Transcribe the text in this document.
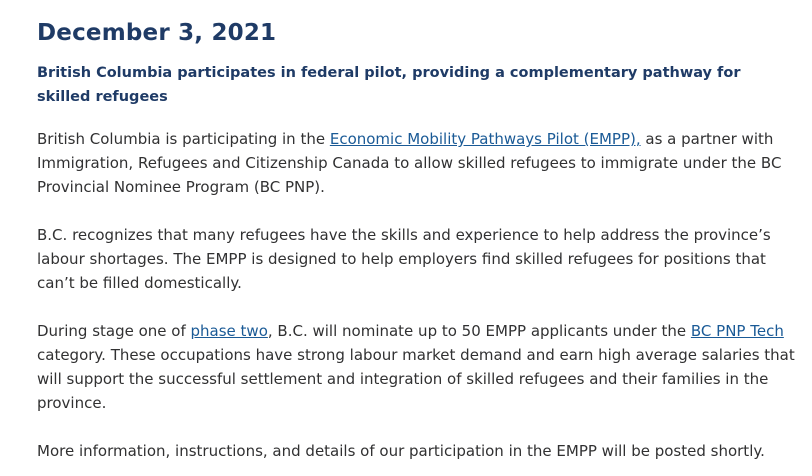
December 3, 2021

British Columbia participates in federal pilot, providing a complementary pathway for skilled refugees

British Columbia is participating in the Economic Mobility Pathways Pilot (EMPP), as a partner with Immigration, Refugees and Citizenship Canada to allow skilled refugees to immigrate under the BC Provincial Nominee Program (BC PNP).

B.C. recognizes that many refugees have the skills and experience to help address the province’s labour shortages. The EMPP is designed to help employers find skilled refugees for positions that can’t be filled domestically.

During stage one of phase two, B.C. will nominate up to 50 EMPP applicants under the BC PNP Tech category. These occupations have strong labour market demand and earn high average salaries that will support the successful settlement and integration of skilled refugees and their families in the province.

More information, instructions, and details of our participation in the EMPP will be posted shortly.
